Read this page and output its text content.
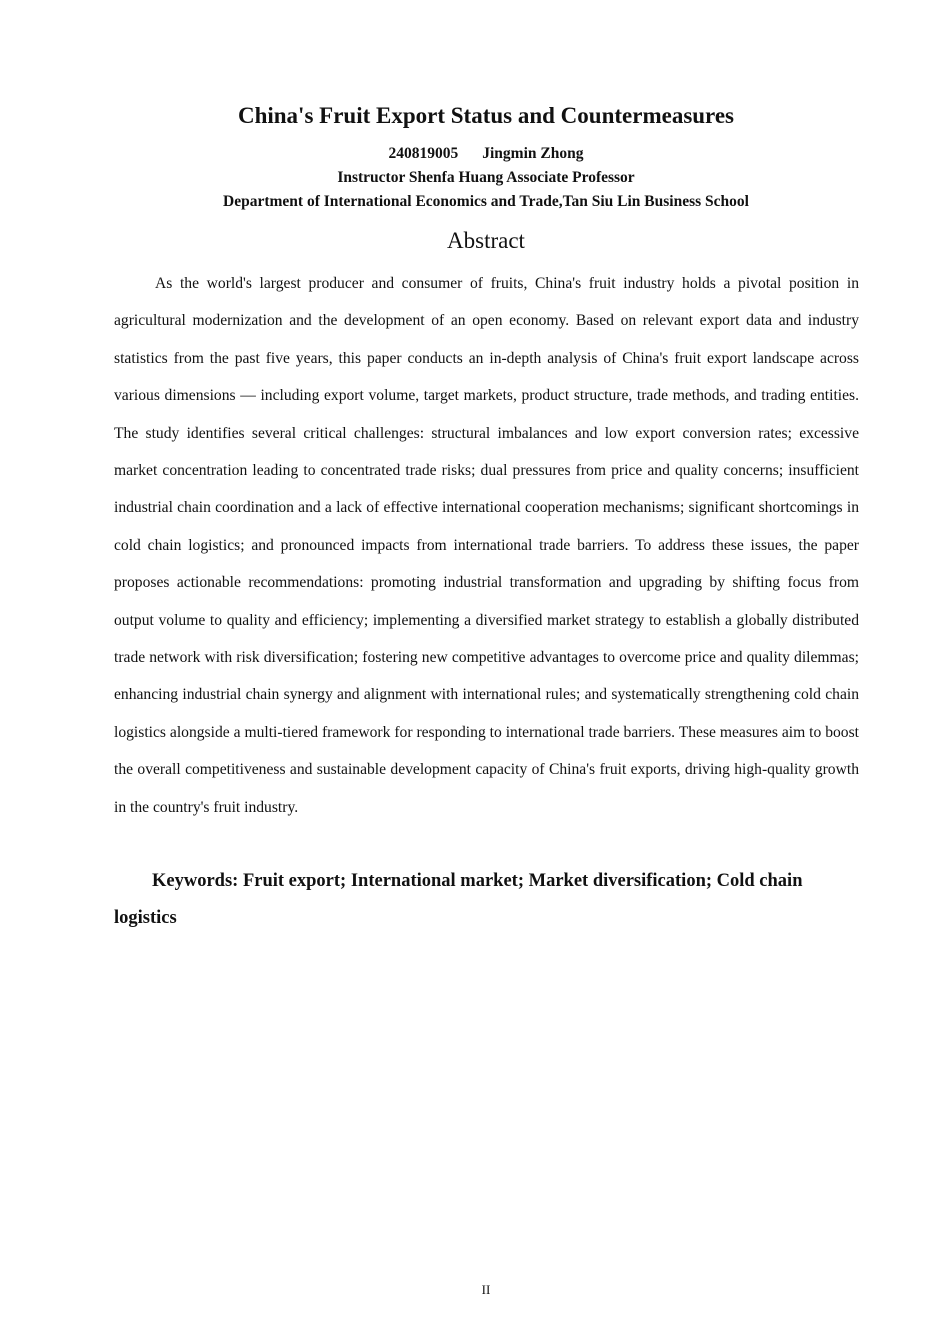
China's Fruit Export Status and Countermeasures
240819005 Jingmin Zhong
Instructor Shenfa Huang Associate Professor
Department of International Economics and Trade,Tan Siu Lin Business School
Abstract

As the world's largest producer and consumer of fruits, China's fruit industry holds a pivotal position in agricultural modernization and the development of an open economy. Based on relevant export data and industry statistics from the past five years, this paper conducts an in-depth analysis of China's fruit export landscape across various dimensions — including export volume, target markets, product structure, trade methods, and trading entities. The study identifies several critical challenges: structural imbalances and low export conversion rates; excessive market concentration leading to concentrated trade risks; dual pressures from price and quality concerns; insufficient industrial chain coordination and a lack of effective international cooperation mechanisms; significant shortcomings in cold chain logistics; and pronounced impacts from international trade barriers. To address these issues, the paper proposes actionable recommendations: promoting industrial transformation and upgrading by shifting focus from output volume to quality and efficiency; implementing a diversified market strategy to establish a globally distributed trade network with risk diversification; fostering new competitive advantages to overcome price and quality dilemmas; enhancing industrial chain synergy and alignment with international rules; and systematically strengthening cold chain logistics alongside a multi-tiered framework for responding to international trade barriers. These measures aim to boost the overall competitiveness and sustainable development capacity of China's fruit exports, driving high-quality growth in the country's fruit industry.

Keywords: Fruit export; International market; Market diversification; Cold chain logistics

II
